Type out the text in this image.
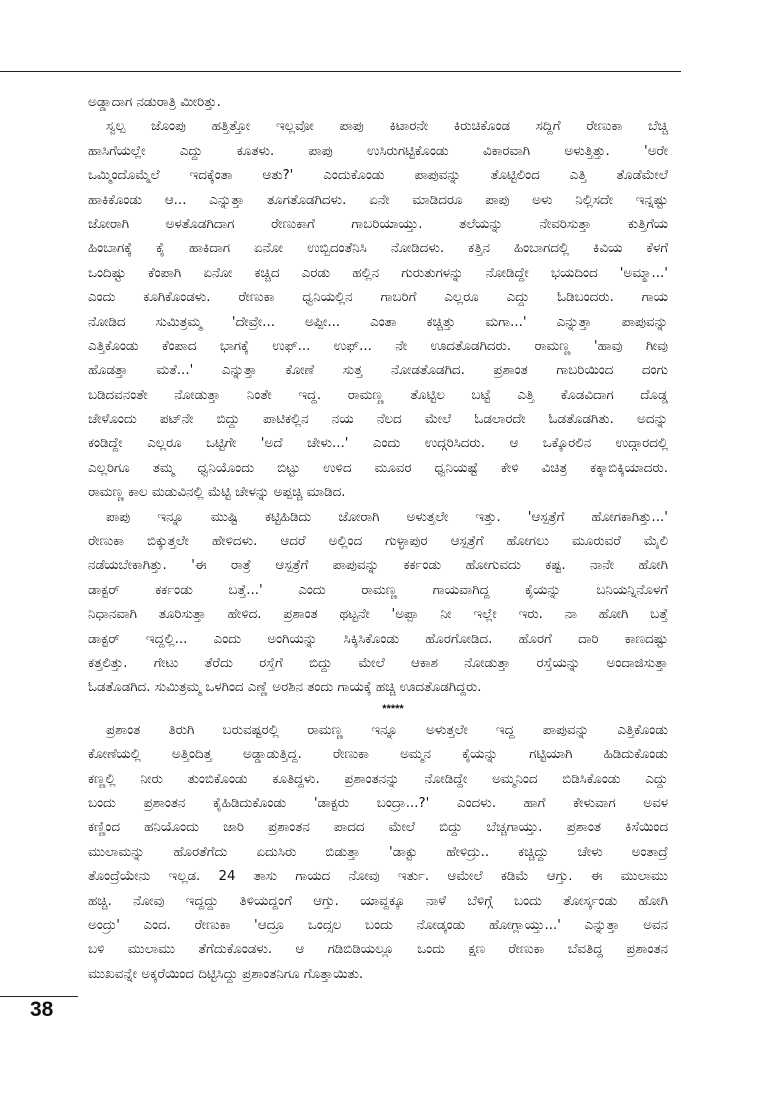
ಅಡ್ಡಾದಾಗ ನಡುರಾತ್ರಿ ಮೀರಿತ್ತು.
ಸ್ವಲ್ಪ ಜೊಂಪು ಹತ್ತಿತ್ತೋ ಇಲ್ಲವೋ ಪಾಪು ಕಿಟಾರನೇ ಕಿರುಚಿಕೊಂಡ ಸದ್ದಿಗೆ ರೇಣುಕಾ ಬೆಚ್ಚಿ
ಹಾಸಿಗೆಯಲ್ಲೇ ಎದ್ದು ಕೂತಳು. ಪಾಪು ಉಸಿರುಗಟ್ಟಿಕೊಂಡು ವಿಕಾರವಾಗಿ ಅಳುತ್ತಿತ್ತು. 'ಅರೇ
ಒಮ್ಮಿಂದೊಮ್ಮೆಲೆ ಇದಕ್ಕೆಂತಾ ಆತು?' ಎಂದುಕೊಂಡು ಪಾಪುವನ್ನು ತೊಟ್ಟಿಲಿಂದ ಎತ್ತಿ ತೊಡೆಮೇಲೆ
ಹಾಕಿಕೊಂಡು ಆ... ಎನ್ನುತ್ತಾ ತೂಗತೊಡಗಿದಳು. ಏನೇ ಮಾಡಿದರೂ ಪಾಪು ಅಳು ನಿಲ್ಲಿಸದೇ ಇನ್ನಷ್ಟು
ಜೋರಾಗಿ ಅಳತೊಡಗಿದಾಗ ರೇಣುಕಾಗೆ ಗಾಬರಿಯಾಯ್ತು. ತಲೆಯನ್ನು ನೇವರಿಸುತ್ತಾ ಕುತ್ತಿಗೆಯ
ಹಿಂಬಾಗಕ್ಕೆ ಕೈ ಹಾಕಿದಾಗ ಏನೋ ಉಬ್ಬಿದಂತೆನಿಸಿ ನೋಡಿದಳು. ಕತ್ತಿನ ಹಿಂಬಾಗದಲ್ಲಿ ಕಿವಿಯ ಕೆಳಗೆ
ಒಂದಿಷ್ಟು ಕೆಂಪಾಗಿ ಏನೋ ಕಚ್ಚಿದ ಎರಡು ಹಲ್ಲಿನ ಗುರುತುಗಳನ್ನು ನೋಡಿದ್ದೇ ಭಯದಿಂದ 'ಅಮ್ಮಾ...'
ಎಂದು ಕೂಗಿಕೊಂಡಳು. ರೇಣುಕಾ ಧ್ವನಿಯಲ್ಲಿನ ಗಾಬರಿಗೆ ಎಲ್ಲರೂ ಎದ್ದು ಓಡಿಬಂದರು. ಗಾಯ
ನೋಡಿದ ಸುಮಿತ್ರಮ್ಮ 'ದೇವ್ರೇ... ಅಪ್ಪೀ... ಎಂತಾ ಕಚ್ಚಿತ್ತು ಮಗಾ...' ಎನ್ನುತ್ತಾ ಪಾಪುವನ್ನು
ಎತ್ತಿಕೊಂಡು ಕೆಂಪಾದ ಭಾಗಕ್ಕೆ ಉಫ್... ಉಫ್... ನೇ ಊದತೊಡಗಿದರು. ರಾಮಣ್ಣ 'ಹಾವು ಗೀವು
ಹೊಡತ್ತಾ ಮತೆ...' ಎನ್ನುತ್ತಾ ಕೋಣೆ ಸುತ್ತ ನೋಡತೊಡಗಿದ. ಪ್ರಶಾಂತ ಗಾಬರಿಯಿಂದ ದಂಗು
ಬಡಿದವನಂತೇ ನೋಡುತ್ತಾ ನಿಂತೇ ಇದ್ದ. ರಾಮಣ್ಣ ತೊಟ್ಟಿಲ ಬಟ್ಟೆ ಎತ್ತಿ ಕೊಡವಿದಾಗ ದೊಡ್ಡ
ಚೇಳೊಂದು ಪಟ್‌ನೇ ಬಿದ್ದು ಪಾಟಿಕಲ್ಲಿನ ನಯ ನೆಲದ ಮೇಲೆ ಓಡಲಾರದೇ ಓಡತೊಡಗಿತು. ಅದನ್ನು
ಕಂಡಿದ್ದೇ ಎಲ್ಲರೂ ಒಟ್ಟಿಗೇ 'ಅದೆ ಚೇಳು...' ಎಂದು ಉದ್ಗರಿಸಿದರು. ಆ ಒಕ್ಕೊರಲಿನ ಉದ್ಗಾರದಲ್ಲಿ
ಎಲ್ಲರಿಗೂ ತಮ್ಮ ಧ್ವನಿಯೊಂದು ಬಿಟ್ಟು ಉಳಿದ ಮೂವರ ಧ್ವನಿಯಷ್ಟೆ ಕೇಳಿ ವಿಚಿತ್ರ ಕಕ್ಕಾಬಿಕ್ಕಿಯಾದರು.
ರಾಮಣ್ಣ ಕಾಲ ಮಡುವಿನಲ್ಲಿ ಮೆಟ್ಟಿ ಚೇಳನ್ನು ಅಪ್ಪಚ್ಚಿ ಮಾಡಿದ.
ಪಾಪು ಇನ್ನೂ ಮುಷ್ಟಿ ಕಟ್ಟಿಹಿಡಿದು ಜೋರಾಗಿ ಅಳುತ್ತಲೇ ಇತ್ತು. 'ಆಸ್ಪತ್ರೆಗೆ ಹೋಗಕಾಗಿತ್ತು...'
ರೇಣುಕಾ ಬಿಕ್ಕುತ್ತಲೇ ಹೇಳಿದಳು. ಆದರೆ ಅಲ್ಲಿಂದ ಗುಳ್ಳಾಪುರ ಆಸ್ಪತ್ರೆಗೆ ಹೋಗಲು ಮೂರುವರೆ ಮೈಲಿ
ನಡೆಯಬೇಕಾಗಿತ್ತು. 'ಈ ರಾತ್ರೆ ಆಸ್ಪತ್ರೆಗೆ ಪಾಪುವನ್ನು ಕರ್ಕಂಡು ಹೋಗುವದು ಕಷ್ಟ. ನಾನೇ ಹೋಗಿ
ಡಾಕ್ಟರ್ ಕರ್ಕಂಡು ಬತ್ತೆ...' ಎಂದು ರಾಮಣ್ಣ ಗಾಯವಾಗಿದ್ದ ಕೈಯನ್ನು ಬನಿಯನ್ನಿನೊಳಗೆ
ನಿಧಾನವಾಗಿ ತೂರಿಸುತ್ತಾ ಹೇಳಿದ. ಪ್ರಶಾಂತ ಥಟ್ಟನೇ 'ಅಪ್ಪಾ ನೀ ಇಲ್ಲೇ ಇರು. ನಾ ಹೋಗಿ ಬತ್ತೆ
ಡಾಕ್ಟರ್ ಇದ್ದಲ್ಲಿ... ಎಂದು ಅಂಗಿಯನ್ನು ಸಿಕ್ಕಿಸಿಕೊಂಡು ಹೊರಗೋಡಿದ. ಹೊರಗೆ ದಾರಿ ಕಾಣದಷ್ಟು
ಕತ್ತಲಿತ್ತು. ಗೇಟು ತೆರೆದು ರಸ್ತೆಗೆ ಬಿದ್ದು ಮೇಲೆ ಆಕಾಶ ನೋಡುತ್ತಾ ರಸ್ತೆಯನ್ನು ಅಂದಾಜಿಸುತ್ತಾ
ಓಡತೊಡಗಿದ. ಸುಮಿತ್ರಮ್ಮ ಒಳಗಿಂದ ಎಣ್ಣೆ ಅರಶಿನ ತಂದು ಗಾಯಕ್ಕೆ ಹಚ್ಚಿ ಊದತೊಡಗಿದ್ದರು.
*****
ಪ್ರಶಾಂತ ತಿರುಗಿ ಬರುವಷ್ಟರಲ್ಲಿ ರಾಮಣ್ಣ ಇನ್ನೂ ಅಳುತ್ತಲೇ ಇದ್ದ ಪಾಪುವನ್ನು ಎತ್ತಿಕೊಂಡು
ಕೋಣೆಯಲ್ಲಿ ಅತ್ತಿಂದಿತ್ತ ಅಡ್ಡಾಡುತ್ತಿದ್ದ. ರೇಣುಕಾ ಅಮ್ಮನ ಕೈಯನ್ನು ಗಟ್ಟಿಯಾಗಿ ಹಿಡಿದುಕೊಂಡು
ಕಣ್ಣಲ್ಲಿ ನೀರು ತುಂಬಿಕೊಂಡು ಕೂತಿದ್ದಳು. ಪ್ರಶಾಂತನನ್ನು ನೋಡಿದ್ದೇ ಅಮ್ಮನಿಂದ ಬಿಡಿಸಿಕೊಂಡು ಎದ್ದು
ಬಂದು ಪ್ರಶಾಂತನ ಕೈಹಿಡಿದುಕೊಂಡು 'ಡಾಕ್ಟರು ಬಂದ್ರಾ...?' ಎಂದಳು. ಹಾಗೆ ಕೇಳುವಾಗ ಅವಳ
ಕಣ್ಣಿಂದ ಹನಿಯೊಂದು ಜಾರಿ ಪ್ರಶಾಂತನ ಪಾದದ ಮೇಲೆ ಬಿದ್ದು ಬೆಚ್ಚಗಾಯ್ತು. ಪ್ರಶಾಂತ ಕಿಸೆಯಿಂದ
ಮುಲಾಮನ್ನು ಹೊರತೆಗೆದು ಏದುಸಿರು ಬಿಡುತ್ತಾ 'ಡಾಕ್ಟು ಹೇಳಿದ್ರು.. ಕಚ್ಚಿದ್ದು ಚೇಳು ಅಂತಾದ್ರೆ
ತೊಂದ್ರೆಯೇನು ಇಲ್ಲಡ. 24 ತಾಸು ಗಾಯದ ನೋವು ಇರ್ತು. ಆಮೇಲೆ ಕಡಿಮೆ ಆಗ್ತು. ಈ ಮುಲಾಮು
ಹಚ್ಚಿ. ನೋವು ಇದ್ದದ್ದು ತಿಳಿಯದ್ದಂಗೆ ಆಗ್ತು. ಯಾವ್ದಕ್ಕೂ ನಾಳೆ ಬೆಳಿಗ್ಗೆ ಬಂದು ತೋರ್ಸ್ಕಂಡು ಹೋಗಿ
ಅಂದ್ರು' ಎಂದ. ರೇಣುಕಾ 'ಆದ್ರೂ ಒಂದ್ಸಲ ಬಂದು ನೋಡ್ಕಂಡು ಹೋಗ್ಲಾಯ್ತು...' ಎನ್ನುತ್ತಾ ಅವನ
ಬಳಿ ಮುಲಾಮು ತೆಗೆದುಕೊಂಡಳು. ಆ ಗಡಿಬಿಡಿಯಲ್ಲೂ ಒಂದು ಕ್ಷಣ ರೇಣುಕಾ ಬೆವತಿದ್ದ ಪ್ರಶಾಂತನ
ಮುಖವನ್ನೇ ಅಕ್ಕರೆಯಿಂದ ದಿಟ್ಟಿಸಿದ್ದು ಪ್ರಶಾಂತನಿಗೂ ಗೊತ್ತಾಯಿತು.
38
